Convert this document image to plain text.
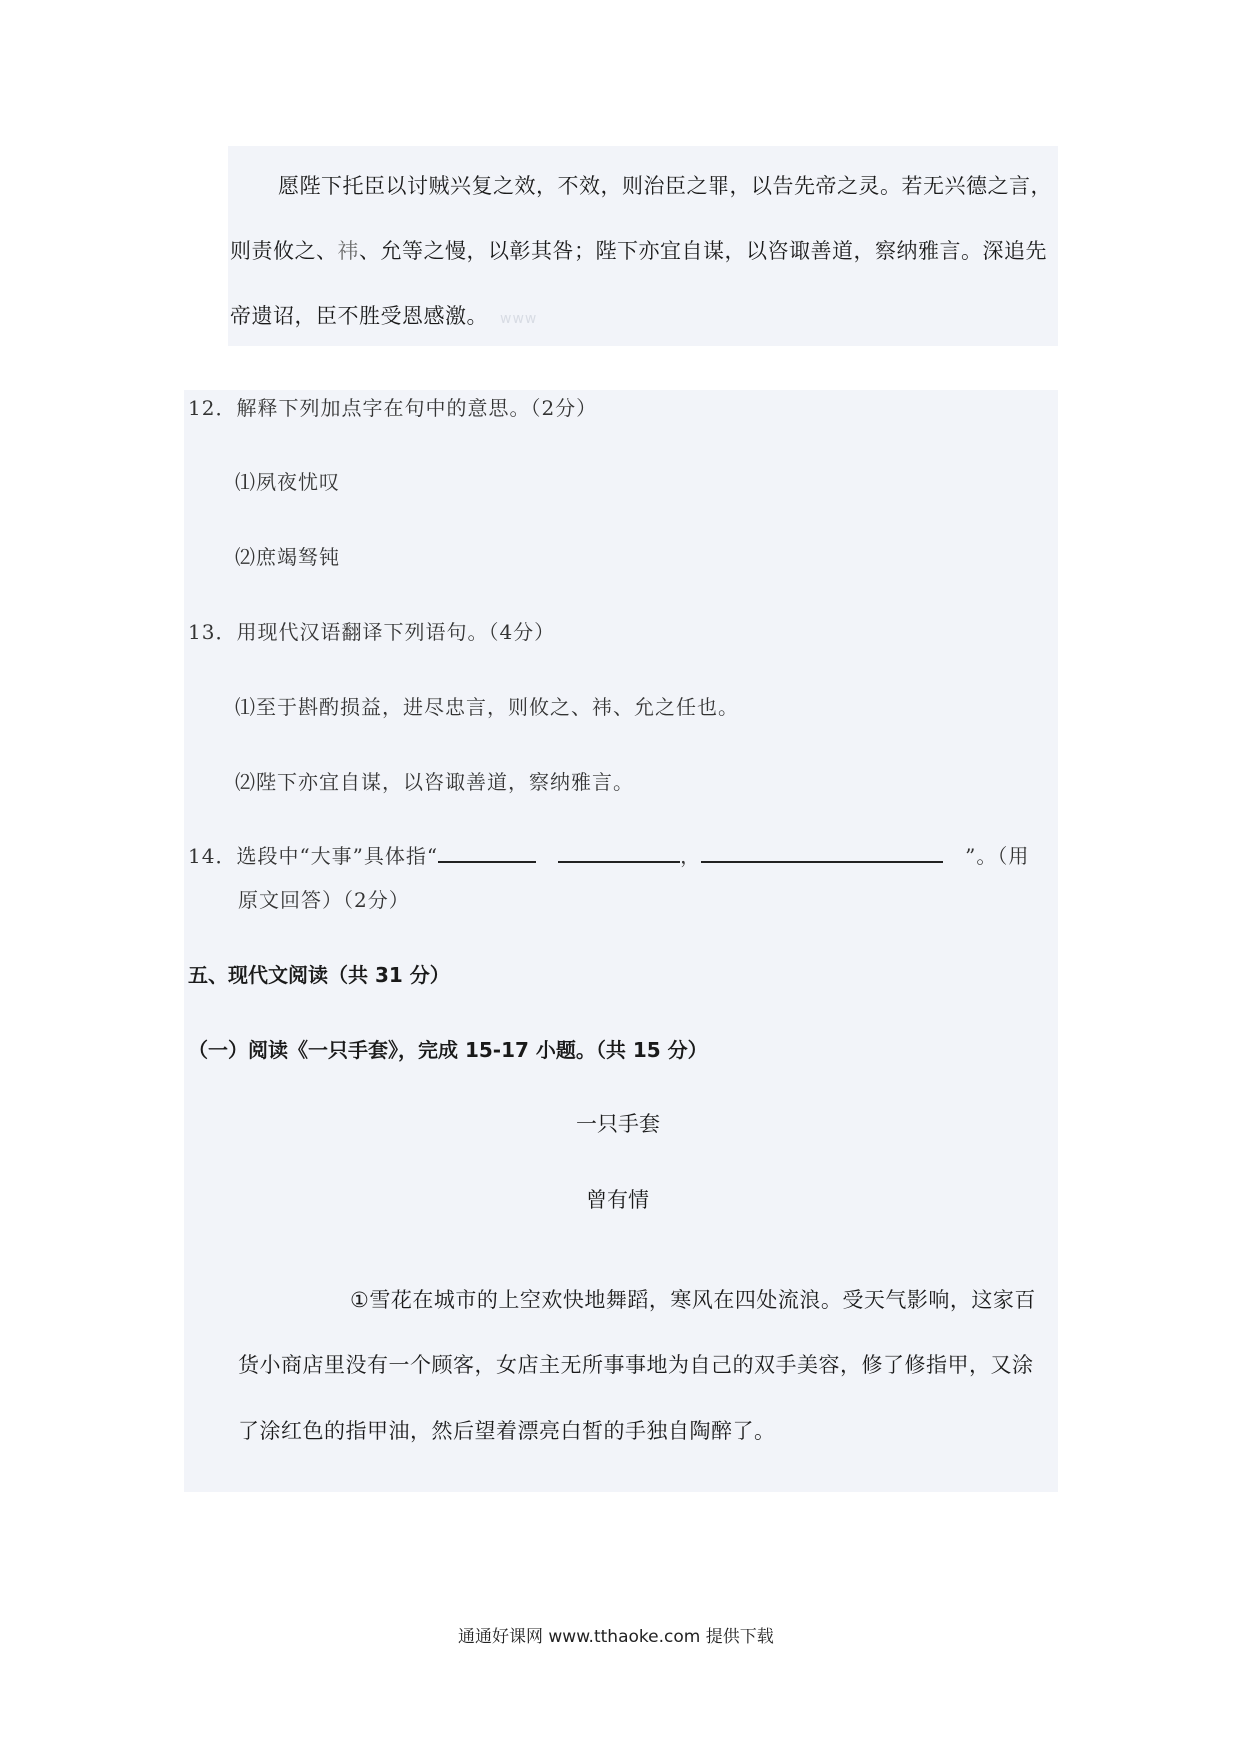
愿陛下托臣以讨贼兴复之效，不效，则治臣之罪，以告先帝之灵。若无兴德之言，
则责攸之、祎、允等之慢，以彰其咎；陛下亦宜自谋，以咨诹善道，察纳雅言。深追先
帝遗诏，臣不胜受恩感激。 www
12．解释下列加点字在句中的意思。（2分）
⑴夙夜忧叹
⑵庶竭驽钝
13．用现代汉语翻译下列语句。（4分）
⑴至于斟酌损益，进尽忠言，则攸之、祎、允之任也。
⑵陛下亦宜自谋，以咨诹善道，察纳雅言。
14．选段中“大事”具体指“	，	”。（用
原文回答）（2分）
五、现代文阅读（共 31 分）
（一）阅读《一只手套》，完成 15-17 小题。（共 15 分）
一只手套
曾有情
①雪花在城市的上空欢快地舞蹈，寒风在四处流浪。受天气影响，这家百
货小商店里没有一个顾客，女店主无所事事地为自己的双手美容，修了修指甲，又涂
了涂红色的指甲油，然后望着漂亮白皙的手独自陶醉了。
通通好课网 www.tthaoke.com 提供下载
